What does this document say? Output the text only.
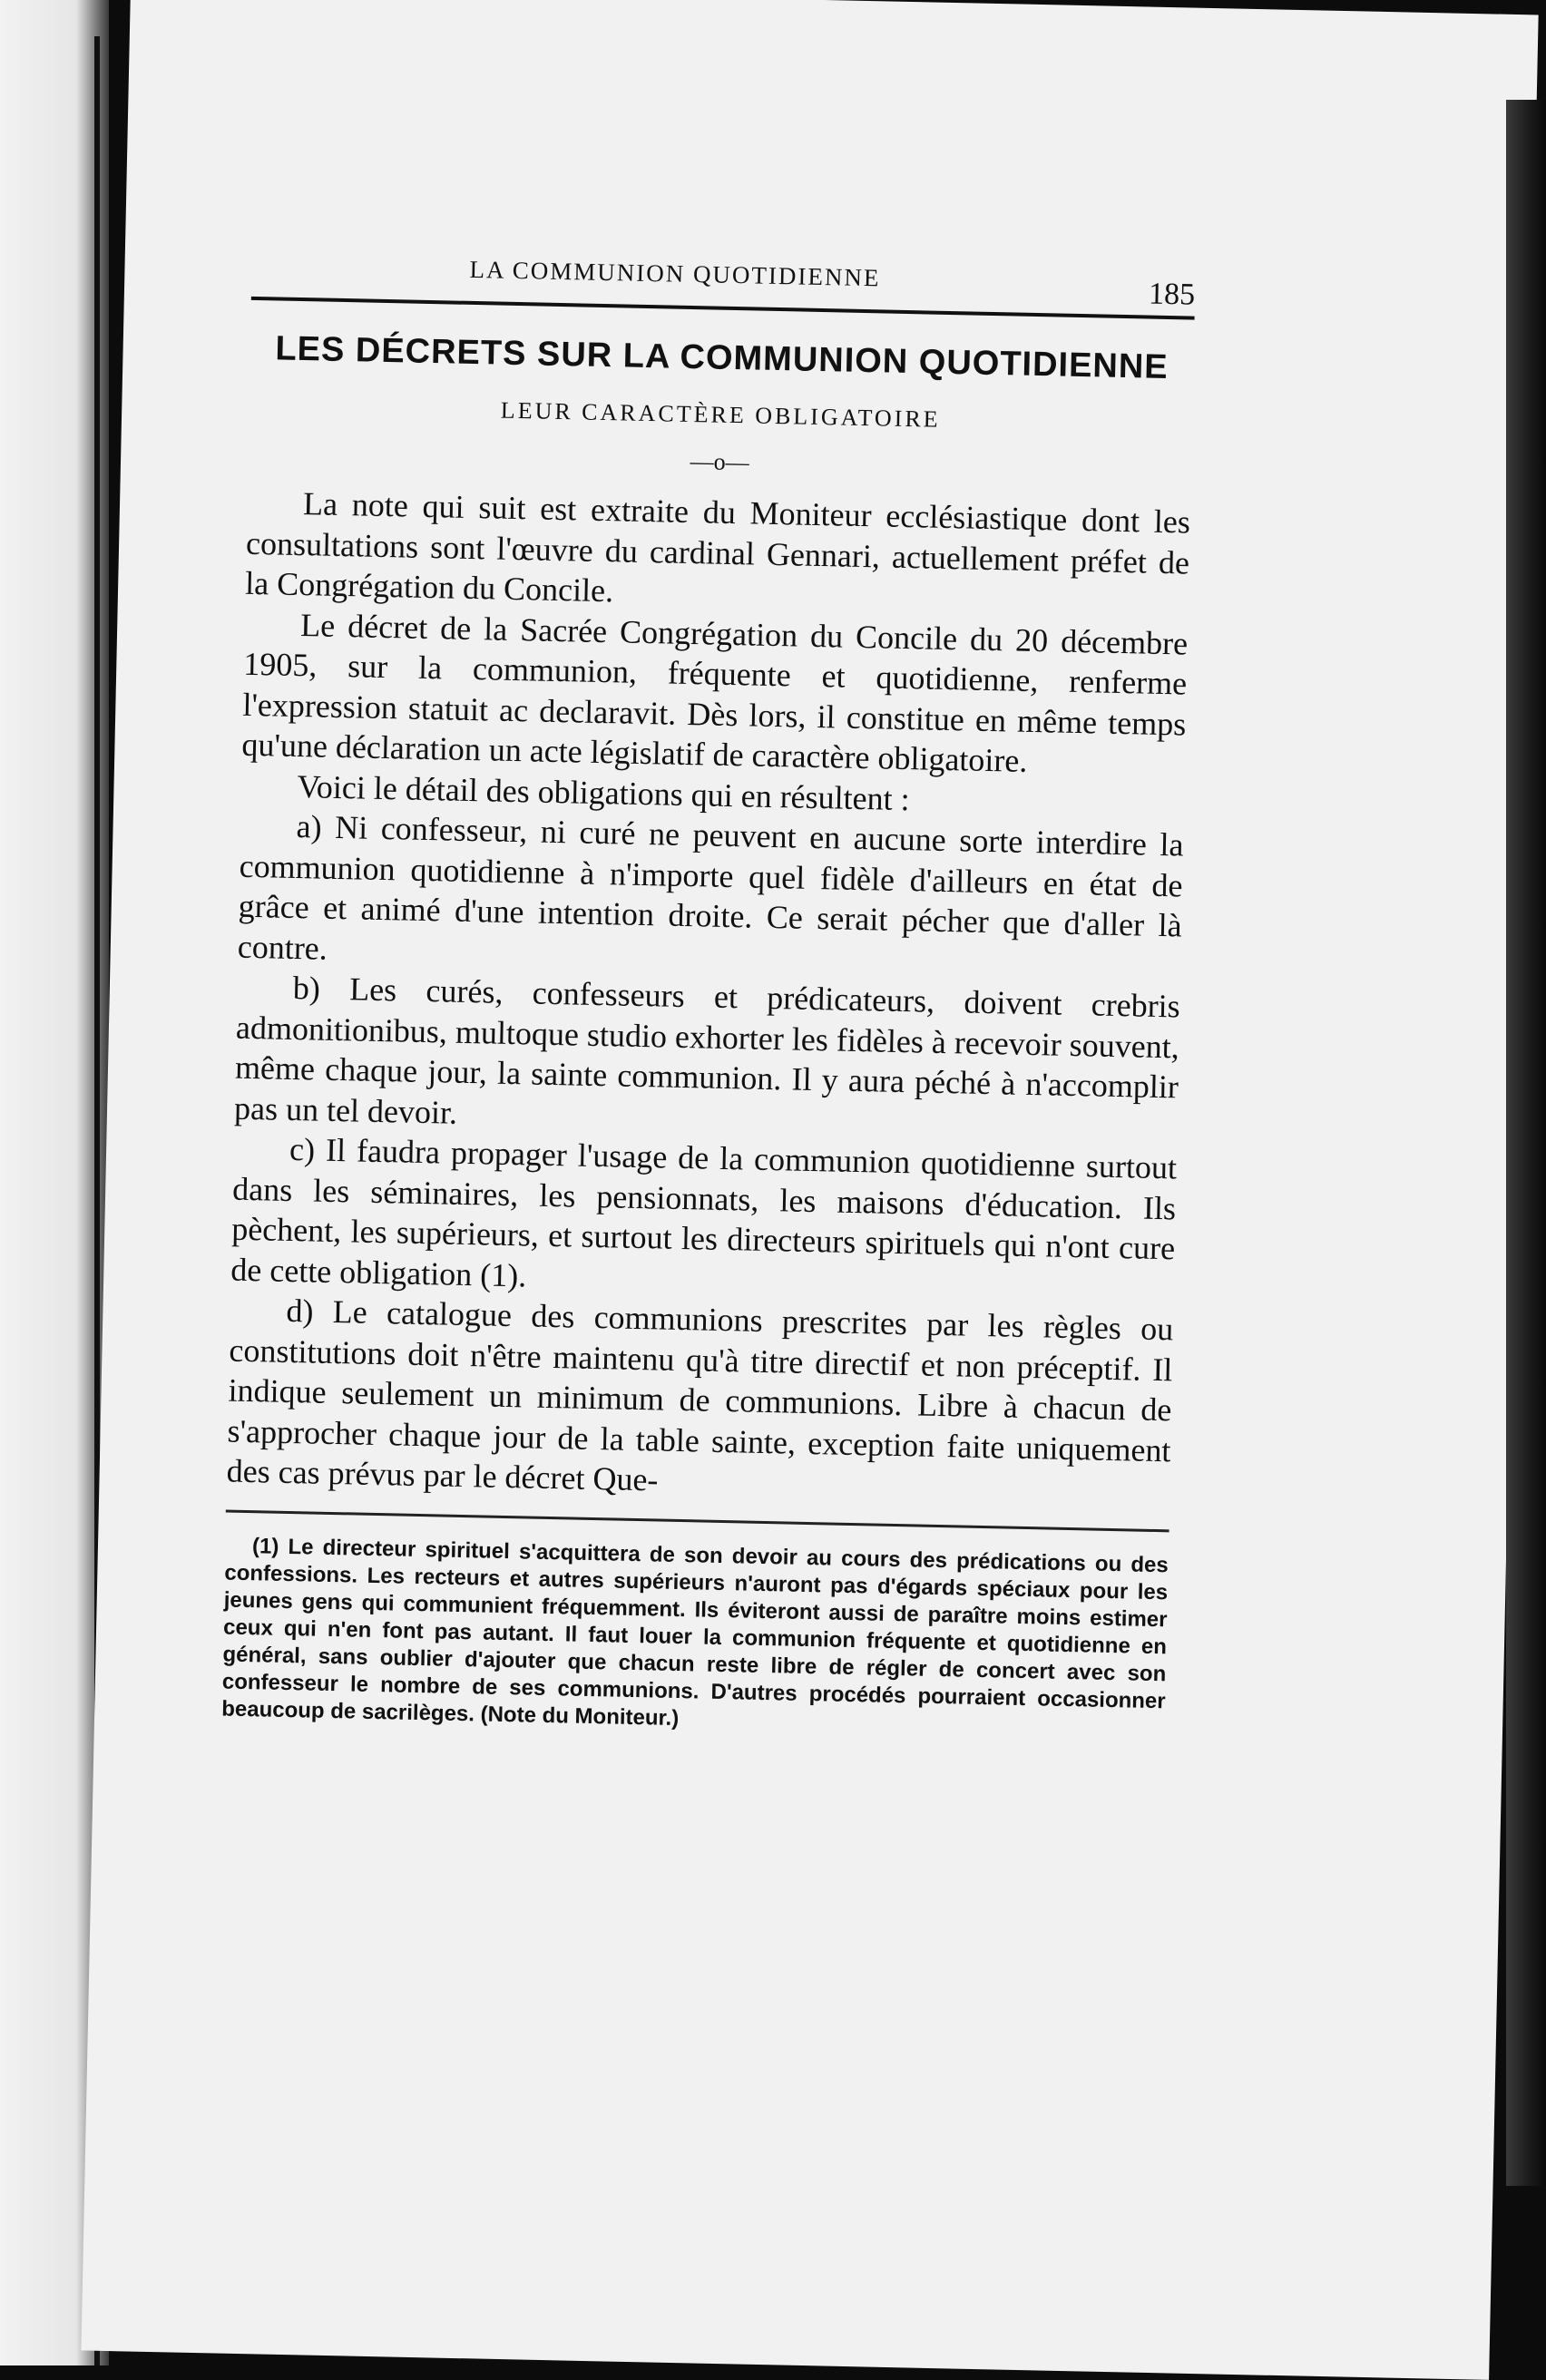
LA COMMUNION QUOTIDIENNE
185
LES DÉCRETS SUR LA COMMUNION QUOTIDIENNE
LEUR CARACTÈRE OBLIGATOIRE
—o—

La note qui suit est extraite du Moniteur ecclésiastique dont les consultations sont l'œuvre du cardinal Gennari, actuellement préfet de la Congrégation du Concile.

Le décret de la Sacrée Congrégation du Concile du 20 décembre 1905, sur la communion, fréquente et quotidienne, renferme l'expression statuit ac declaravit. Dès lors, il constitue en même temps qu'une déclaration un acte législatif de caractère obligatoire.

Voici le détail des obligations qui en résultent :

a) Ni confesseur, ni curé ne peuvent en aucune sorte interdire la communion quotidienne à n'importe quel fidèle d'ailleurs en état de grâce et animé d'une intention droite. Ce serait pécher que d'aller là contre.

b) Les curés, confesseurs et prédicateurs, doivent crebris admonitionibus, multoque studio exhorter les fidèles à recevoir souvent, même chaque jour, la sainte communion. Il y aura péché à n'accomplir pas un tel devoir.

c) Il faudra propager l'usage de la communion quotidienne surtout dans les séminaires, les pensionnats, les maisons d'éducation. Ils pèchent, les supérieurs, et surtout les directeurs spirituels qui n'ont cure de cette obligation (1).

d) Le catalogue des communions prescrites par les règles ou constitutions doit n'être maintenu qu'à titre directif et non préceptif. Il indique seulement un minimum de communions. Libre à chacun de s'approcher chaque jour de la table sainte, exception faite uniquement des cas prévus par le décret Que-

(1) Le directeur spirituel s'acquittera de son devoir au cours des prédications ou des confessions. Les recteurs et autres supérieurs n'auront pas d'égards spéciaux pour les jeunes gens qui communient fréquemment. Ils éviteront aussi de paraître moins estimer ceux qui n'en font pas autant. Il faut louer la communion fréquente et quotidienne en général, sans oublier d'ajouter que chacun reste libre de régler de concert avec son confesseur le nombre de ses communions. D'autres procédés pourraient occasionner beaucoup de sacrilèges. (Note du Moniteur.)
